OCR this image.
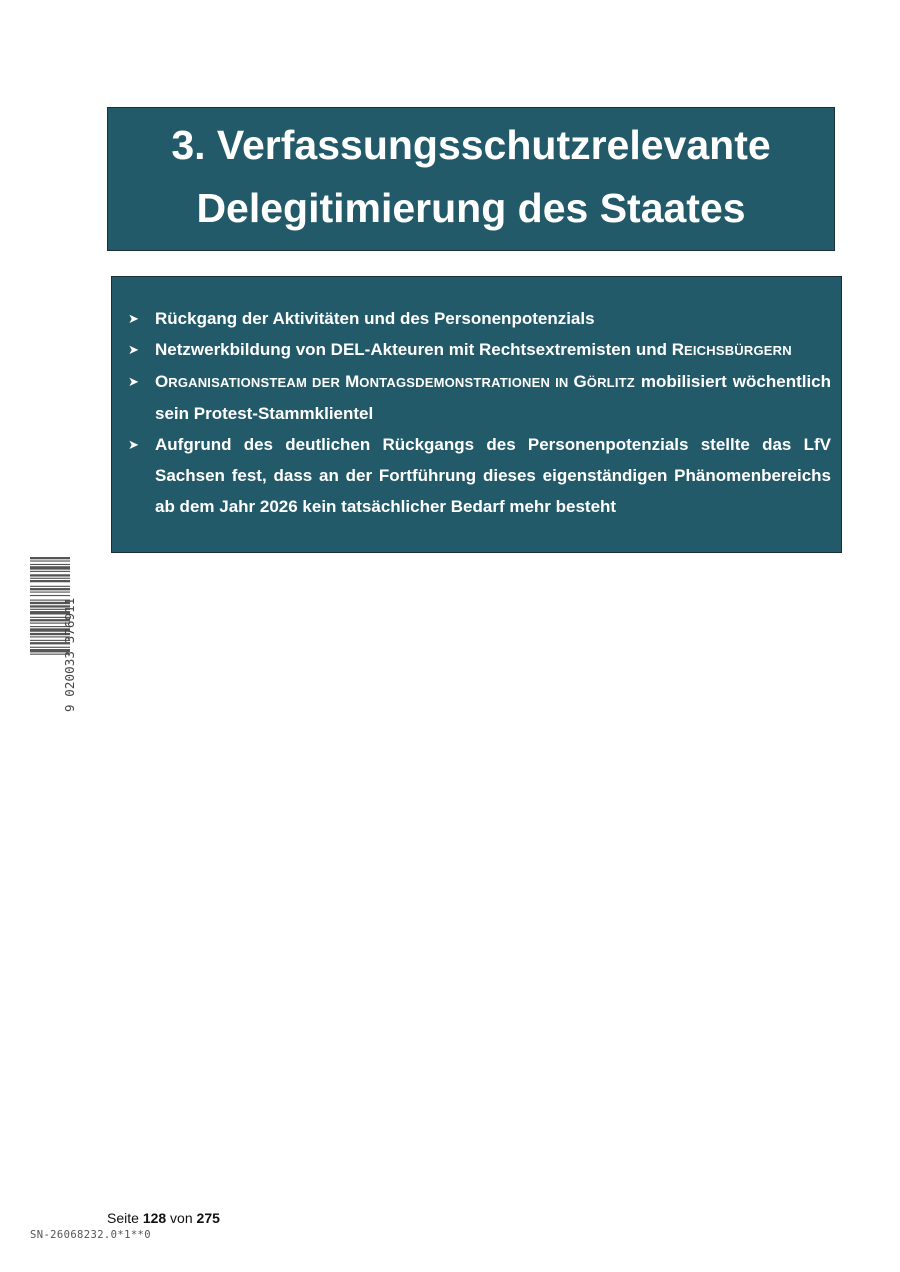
3. Verfassungsschutzrelevante
Delegitimierung des Staates
➤ Rückgang der Aktivitäten und des Personenpotenzials
➤ Netzwerkbildung von DEL-Akteuren mit Rechtsextremisten und REICHSBÜRGERN
➤ ORGANISATIONSTEAM DER MONTAGSDEMONSTRATIONEN IN GÖRLITZ mobilisiert wöchentlich sein Protest-Stammklientel
➤ Aufgrund des deutlichen Rückgangs des Personenpotenzials stellte das LfV Sachsen fest, dass an der Fortführung dieses eigenständigen Phänomenbereichs ab dem Jahr 2026 kein tatsächlicher Bedarf mehr besteht
9 020033 376911
Seite 128 von 275
SN-26068232.0*1**0
